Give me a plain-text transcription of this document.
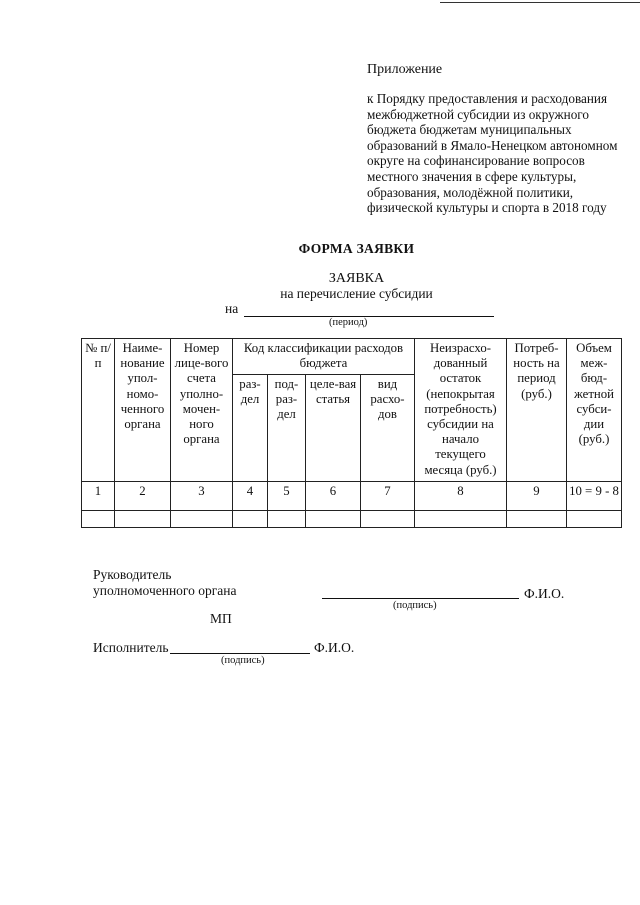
Приложение
к Порядку предоставления и расходования
межбюджетной субсидии из окружного
бюджета бюджетам муниципальных
образований в Ямало-Ненецком автономном
округе на софинансирование вопросов
местного значения в сфере культуры,
образования, молодёжной политики,
физической культуры и спорта в 2018 году
ФОРМА ЗАЯВКИ
ЗАЯВКА
на перечисление субсидии
на
(период)
№ п/п	Наиме-нование упол-номо-ченного органа	Номер лице-вого счета уполно-мочен-ного органа	Код классификации расходов бюджета				Неизрасхо-дованный остаток (непокрытая потребность) субсидии на начало текущего месяца (руб.)	Потреб-ность на период (руб.)	Объем меж-бюд-жетной субси-дии (руб.)
			раз-дел	под-раз-дел	целе-вая статья	вид расхо-дов			
1	2	3	4	5	6	7	8	9	10 = 9 - 8

Руководитель
уполномоченного органа	Ф.И.О.
(подпись)
МП
Исполнитель	Ф.И.О.
(подпись)
